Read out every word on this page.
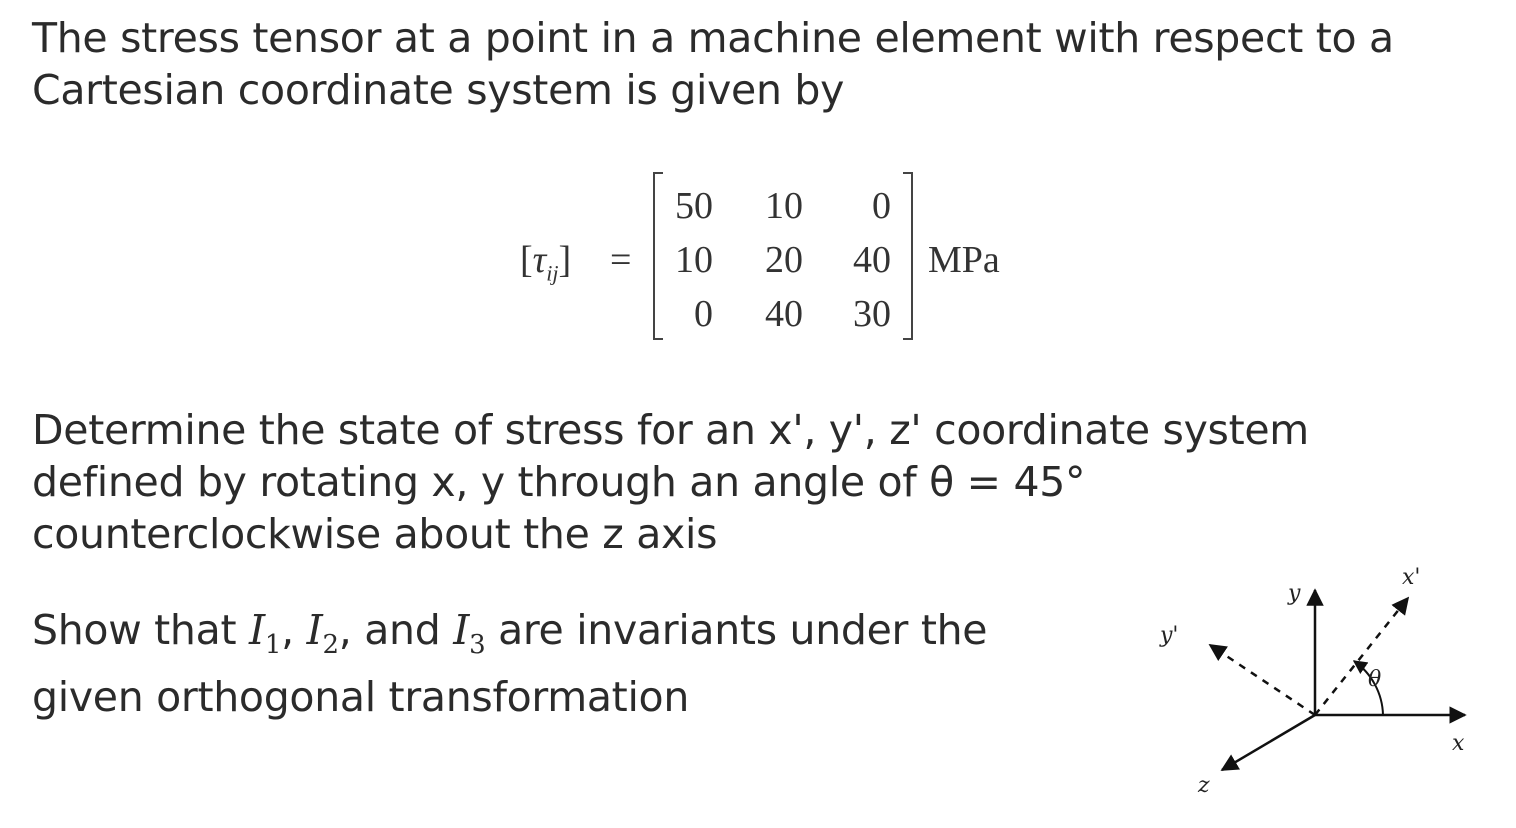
The stress tensor at a point in a machine element with respect to a
Cartesian coordinate system is given by

$[\tau_{ij}]$ =
50	10	0
10	20	40
0	40	30
MPa

Determine the state of stress for an x', y', z' coordinate system
defined by rotating x, y through an angle of θ = 45°
counterclockwise about the z axis

Show that $I_1$, $I_2$, and $I_3$ are invariants under the
given orthogonal transformation

x
y
z
x'
y'
θ
